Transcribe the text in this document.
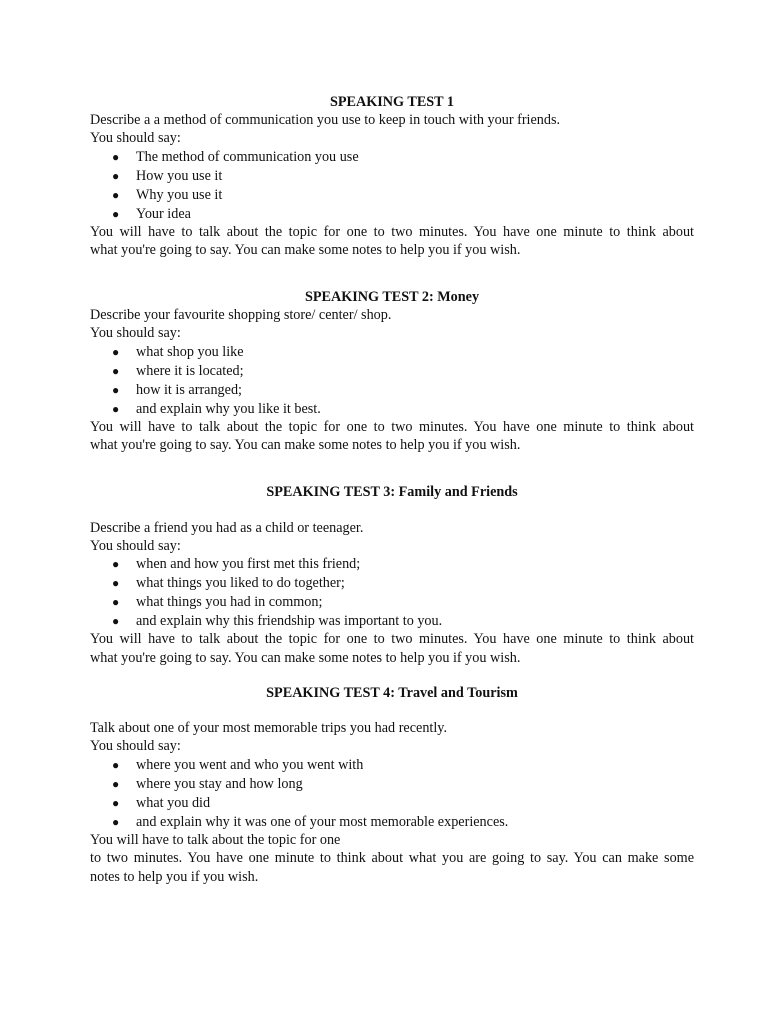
SPEAKING TEST 1
Describe a a method of communication you use to keep in touch with your friends.
You should say:
● The method of communication you use
● How you use it
● Why you use it
● Your idea
You will have to talk about the topic for one to two minutes. You have one minute to think about
what you're going to say. You can make some notes to help you if you wish.
SPEAKING TEST 2: Money
Describe your favourite shopping store/ center/ shop.
You should say:
● what shop you like
● where it is located;
● how it is arranged;
● and explain why you like it best.
You will have to talk about the topic for one to two minutes. You have one minute to think about
what you're going to say. You can make some notes to help you if you wish.
SPEAKING TEST 3: Family and Friends
Describe a friend you had as a child or teenager.
You should say:
● when and how you first met this friend;
● what things you liked to do together;
● what things you had in common;
● and explain why this friendship was important to you.
You will have to talk about the topic for one to two minutes. You have one minute to think about
what you're going to say. You can make some notes to help you if you wish.
SPEAKING TEST 4: Travel and Tourism
Talk about one of your most memorable trips you had recently.
You should say:
● where you went and who you went with
● where you stay and how long
● what you did
● and explain why it was one of your most memorable experiences.
You will have to talk about the topic for one
to two minutes. You have one minute to think about what you are going to say. You can make some
notes to help you if you wish.
